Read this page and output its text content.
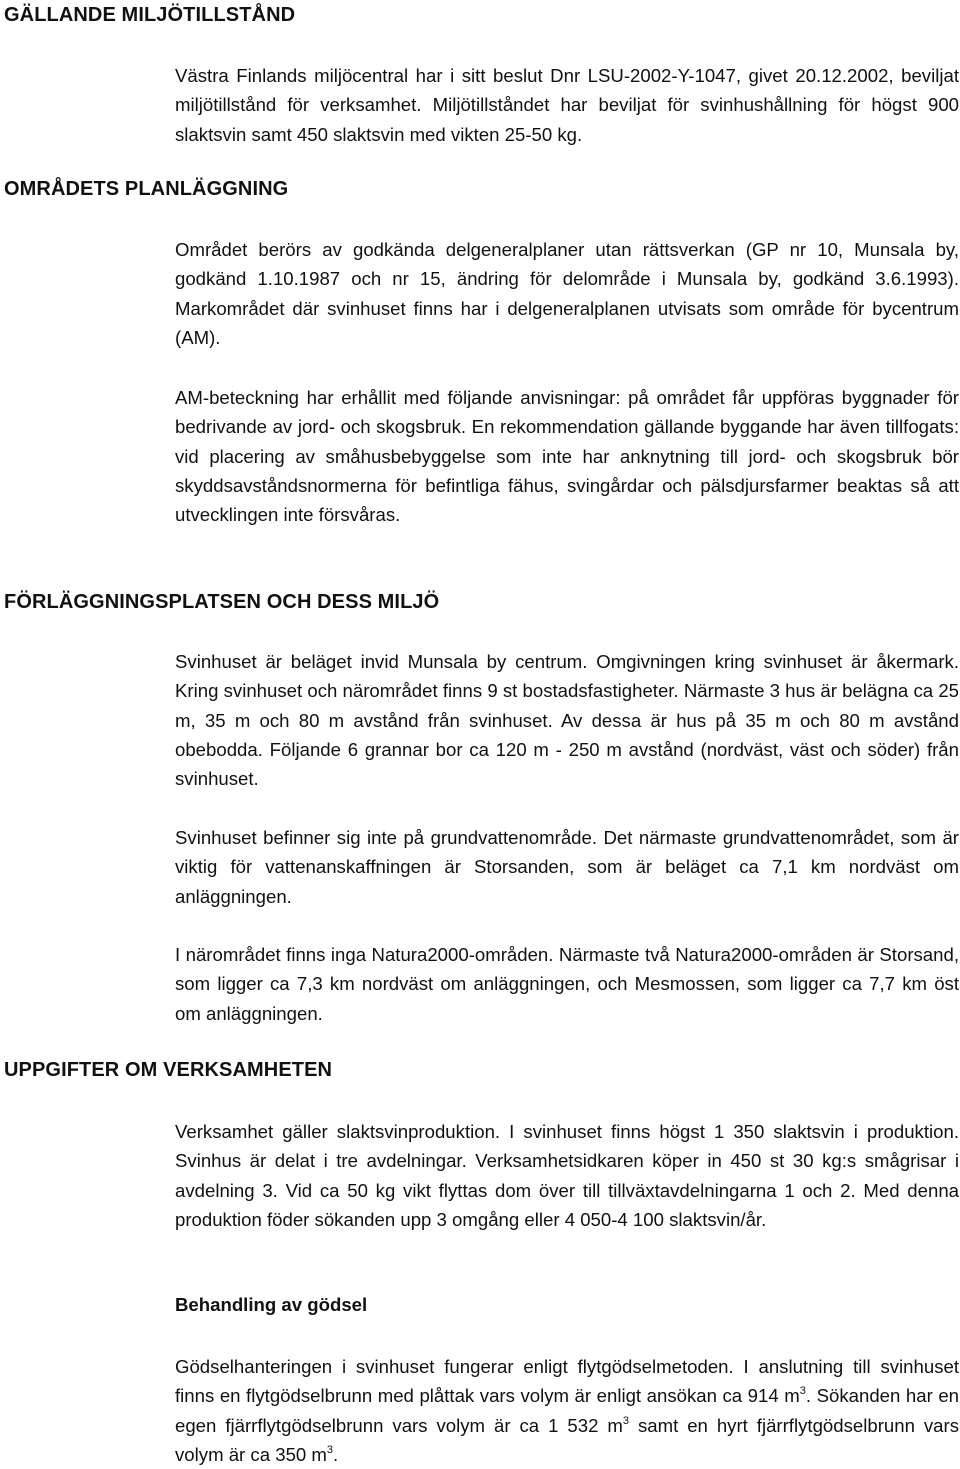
GÄLLANDE MILJÖTILLSTÅND

Västra Finlands miljöcentral har i sitt beslut Dnr LSU-2002-Y-1047, givet 20.12.2002, beviljat miljötillstånd för verksamhet. Miljötillståndet har beviljat för svinhushållning för högst 900 slaktsvin samt 450 slaktsvin med vikten 25-50 kg.

OMRÅDETS PLANLÄGGNING

Området berörs av godkända delgeneralplaner utan rättsverkan (GP nr 10, Munsala by, godkänd 1.10.1987 och nr 15, ändring för delområde i Munsala by, godkänd 3.6.1993). Markområdet där svinhuset finns har i delgeneralplanen utvisats som område för bycentrum (AM).

AM-beteckning har erhållit med följande anvisningar: på området får uppföras byggnader för bedrivande av jord- och skogsbruk. En rekommendation gällande byggande har även tillfogats: vid placering av småhusbebyggelse som inte har anknytning till jord- och skogsbruk bör skyddsavståndsnormerna för befintliga fähus, svingårdar och pälsdjursfarmer beaktas så att utvecklingen inte försvåras.

FÖRLÄGGNINGSPLATSEN OCH DESS MILJÖ

Svinhuset är beläget invid Munsala by centrum. Omgivningen kring svinhuset är åkermark. Kring svinhuset och närområdet finns 9 st bostadsfastigheter. Närmaste 3 hus är belägna ca 25 m, 35 m och 80 m avstånd från svinhuset. Av dessa är hus på 35 m och 80 m avstånd obebodda. Följande 6 grannar bor ca 120 m - 250 m avstånd (nordväst, väst och söder) från svinhuset.

Svinhuset befinner sig inte på grundvattenområde. Det närmaste grundvattenområdet, som är viktig för vattenanskaffningen är Storsanden, som är beläget ca 7,1 km nordväst om anläggningen.

I närområdet finns inga Natura2000-områden. Närmaste två Natura2000-områden är Storsand, som ligger ca 7,3 km nordväst om anläggningen, och Mesmossen, som ligger ca 7,7 km öst om anläggningen.

UPPGIFTER OM VERKSAMHETEN

Verksamhet gäller slaktsvinproduktion. I svinhuset finns högst 1 350 slaktsvin i produktion. Svinhus är delat i tre avdelningar. Verksamhetsidkaren köper in 450 st 30 kg:s smågrisar i avdelning 3. Vid ca 50 kg vikt flyttas dom över till tillväxtavdelningarna 1 och 2. Med denna produktion föder sökanden upp 3 omgång eller 4 050-4 100 slaktsvin/år.

Behandling av gödsel

Gödselhanteringen i svinhuset fungerar enligt flytgödselmetoden. I anslutning till svinhuset finns en flytgödselbrunn med plåttak vars volym är enligt ansökan ca 914 $m^3$. Sökanden har en egen fjärrflytgödselbrunn vars volym är ca 1 532 $m^3$ samt en hyrt fjärrflytgödselbrunn vars volym är ca 350 $m^3$.
